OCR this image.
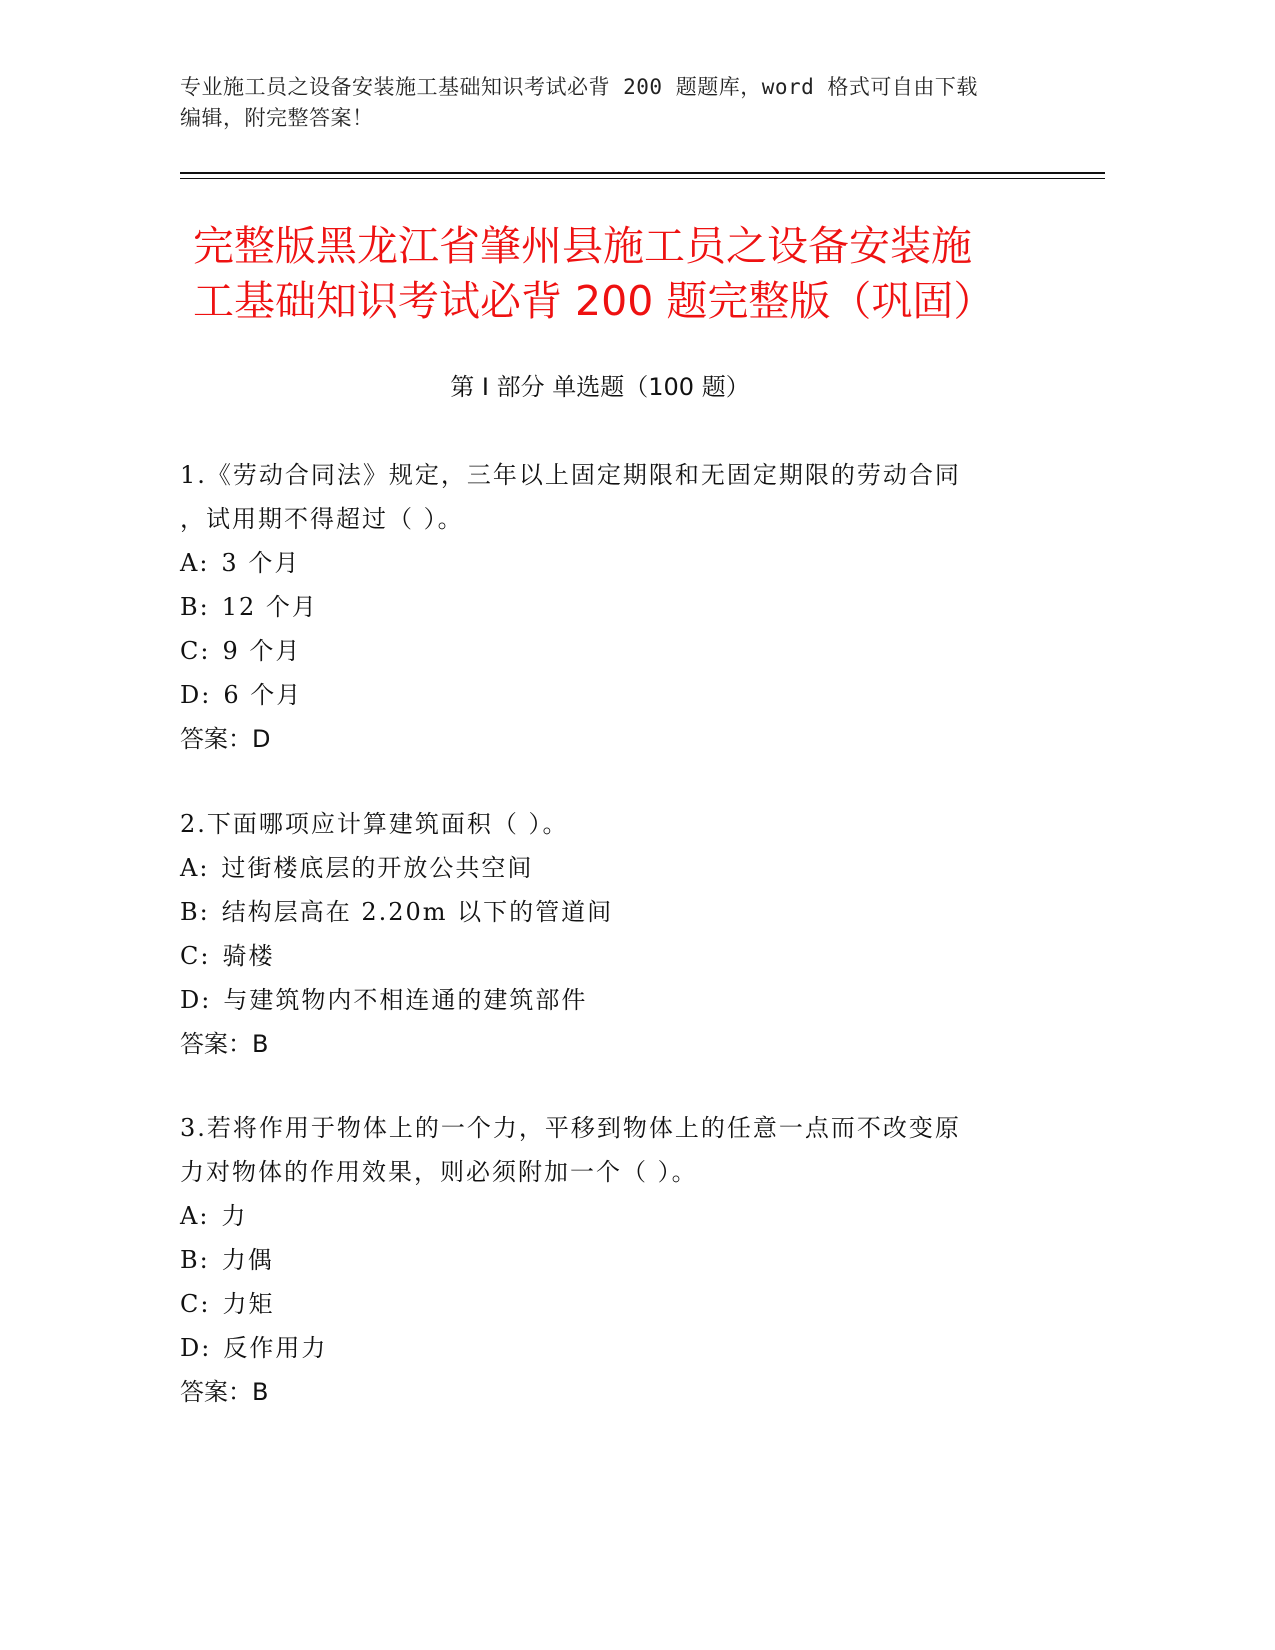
专业施工员之设备安装施工基础知识考试必背 200 题题库，word 格式可自由下载
编辑，附完整答案！
完整版黑龙江省肇州县施工员之设备安装施
工基础知识考试必背 200 题完整版（巩固）
第 I 部分 单选题（100 题）

1.《劳动合同法》规定，三年以上固定期限和无固定期限的劳动合同

，试用期不得超过（ ）。

A: 3 个月

B: 12 个月

C: 9 个月

D: 6 个月

答案：D

2.下面哪项应计算建筑面积（ ）。

A: 过街楼底层的开放公共空间

B: 结构层高在 2.20m 以下的管道间

C: 骑楼

D: 与建筑物内不相连通的建筑部件

答案：B

3.若将作用于物体上的一个力，平移到物体上的任意一点而不改变原

力对物体的作用效果，则必须附加一个（ ）。

A: 力

B: 力偶

C: 力矩

D: 反作用力

答案：B
